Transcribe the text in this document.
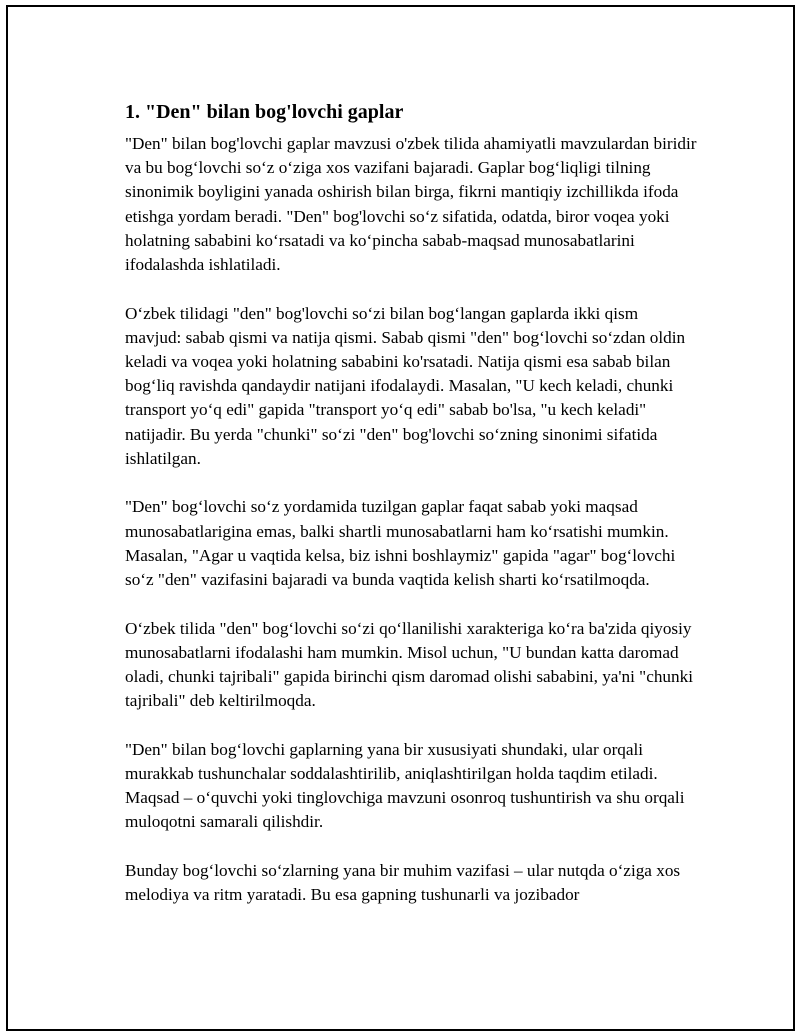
1. "Den" bilan bog'lovchi gaplar

"Den" bilan bog'lovchi gaplar mavzusi o'zbek tilida ahamiyatli mavzulardan biridir va bu bog‘lovchi so‘z o‘ziga xos vazifani bajaradi. Gaplar bog‘liqligi tilning sinonimik boyligini yanada oshirish bilan birga, fikrni mantiqiy izchillikda ifoda etishga yordam beradi. "Den" bog'lovchi so‘z sifatida, odatda, biror voqea yoki holatning sababini ko‘rsatadi va ko‘pincha sabab-maqsad munosabatlarini ifodalashda ishlatiladi.

O‘zbek tilidagi "den" bog'lovchi so‘zi bilan bog‘langan gaplarda ikki qism mavjud: sabab qismi va natija qismi. Sabab qismi "den" bog‘lovchi so‘zdan oldin keladi va voqea yoki holatning sababini ko'rsatadi. Natija qismi esa sabab bilan bog‘liq ravishda qandaydir natijani ifodalaydi. Masalan, "U kech keladi, chunki transport yo‘q edi" gapida "transport yo‘q edi" sabab bo'lsa, "u kech keladi" natijadir. Bu yerda "chunki" so‘zi "den" bog'lovchi so‘zning sinonimi sifatida ishlatilgan.

"Den" bog‘lovchi so‘z yordamida tuzilgan gaplar faqat sabab yoki maqsad munosabatlarigina emas, balki shartli munosabatlarni ham ko‘rsatishi mumkin. Masalan, "Agar u vaqtida kelsa, biz ishni boshlaymiz" gapida "agar" bog‘lovchi so‘z "den" vazifasini bajaradi va bunda vaqtida kelish sharti ko‘rsatilmoqda.

O‘zbek tilida "den" bog‘lovchi so‘zi qo‘llanilishi xarakteriga ko‘ra ba'zida qiyosiy munosabatlarni ifodalashi ham mumkin. Misol uchun, "U bundan katta daromad oladi, chunki tajribali" gapida birinchi qism daromad olishi sababini, ya'ni "chunki tajribali" deb keltirilmoqda.

"Den" bilan bog‘lovchi gaplarning yana bir xususiyati shundaki, ular orqali murakkab tushunchalar soddalashtirilib, aniqlashtirilgan holda taqdim etiladi. Maqsad – o‘quvchi yoki tinglovchiga mavzuni osonroq tushuntirish va shu orqali muloqotni samarali qilishdir.

Bunday bog‘lovchi so‘zlarning yana bir muhim vazifasi – ular nutqda o‘ziga xos melodiya va ritm yaratadi. Bu esa gapning tushunarli va jozibador
